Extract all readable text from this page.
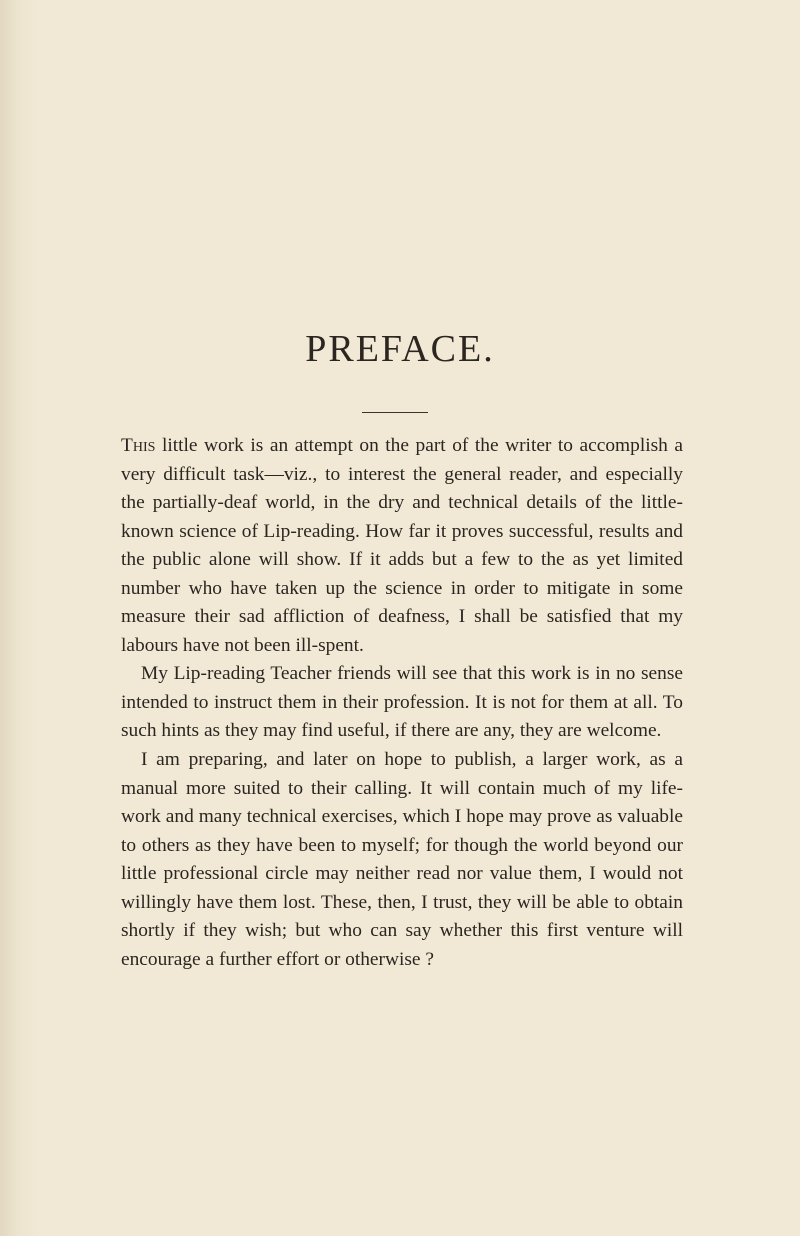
PREFACE.

This little work is an attempt on the part of the writer to accomplish a very difficult task—viz., to interest the general reader, and especially the partially-deaf world, in the dry and technical details of the little-known science of Lip-reading. How far it proves successful, results and the public alone will show. If it adds but a few to the as yet limited number who have taken up the science in order to mitigate in some measure their sad affliction of deafness, I shall be satisfied that my labours have not been ill-spent.

My Lip-reading Teacher friends will see that this work is in no sense intended to instruct them in their profession. It is not for them at all. To such hints as they may find useful, if there are any, they are welcome.

I am preparing, and later on hope to publish, a larger work, as a manual more suited to their calling. It will contain much of my life-work and many technical exercises, which I hope may prove as valuable to others as they have been to myself; for though the world beyond our little professional circle may neither read nor value them, I would not willingly have them lost. These, then, I trust, they will be able to obtain shortly if they wish; but who can say whether this first venture will encourage a further effort or otherwise ?
